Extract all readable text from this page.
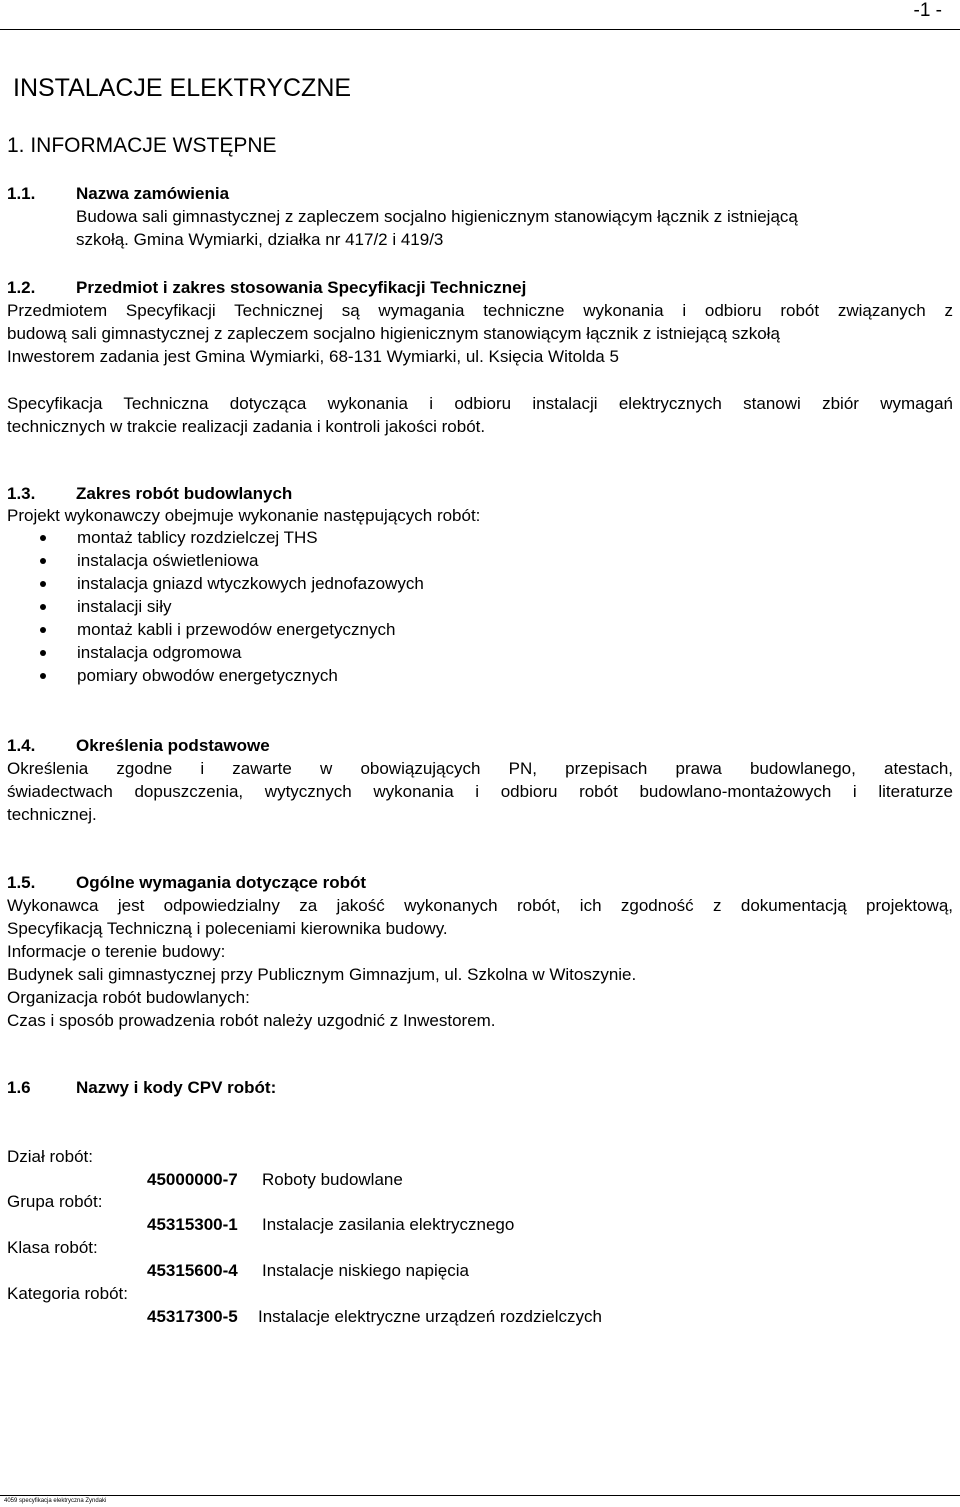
-1 -
INSTALACJE ELEKTRYCZNE
1. INFORMACJE WSTĘPNE
1.1. Nazwa zamówienia
Budowa sali gimnastycznej z zapleczem socjalno higienicznym stanowiącym łącznik z istniejącą
szkołą. Gmina Wymiarki, działka nr 417/2 i 419/3
1.2. Przedmiot i zakres stosowania Specyfikacji Technicznej
Przedmiotem Specyfikacji Technicznej są wymagania techniczne wykonania i odbioru robót związanych z
budową sali gimnastycznej z zapleczem socjalno higienicznym stanowiącym łącznik z istniejącą szkołą
Inwestorem zadania jest Gmina Wymiarki, 68-131 Wymiarki, ul. Księcia Witolda 5
Specyfikacja Techniczna dotycząca wykonania i odbioru instalacji elektrycznych stanowi zbiór wymagań
technicznych w trakcie realizacji zadania i kontroli jakości robót.
1.3. Zakres robót budowlanych
Projekt wykonawczy obejmuje wykonanie następujących robót:
montaż tablicy rozdzielczej THS
instalacja oświetleniowa
instalacja gniazd wtyczkowych jednofazowych
instalacji siły
montaż kabli i przewodów energetycznych
instalacja odgromowa
pomiary obwodów energetycznych
1.4. Określenia podstawowe
Określenia zgodne i zawarte w obowiązujących PN, przepisach prawa budowlanego, atestach,
świadectwach dopuszczenia, wytycznych wykonania i odbioru robót budowlano-montażowych i literaturze
technicznej.
1.5. Ogólne wymagania dotyczące robót
Wykonawca jest odpowiedzialny za jakość wykonanych robót, ich zgodność z dokumentacją projektową,
Specyfikacją Techniczną i poleceniami kierownika budowy.
Informacje o terenie budowy:
Budynek sali gimnastycznej przy Publicznym Gimnazjum, ul. Szkolna w Witoszynie.
Organizacja robót budowlanych:
Czas i sposób prowadzenia robót należy uzgodnić z Inwestorem.
1.6	Nazwy i kody CPV robót:
Dział robót:
45000000-7 Roboty budowlane
Grupa robót:
45315300-1 Instalacje zasilania elektrycznego
Klasa robót:
45315600-4 Instalacje niskiego napięcia
Kategoria robót:
45317300-5 Instalacje elektryczne urządzeń rozdzielczych
4059 specyfikacja elektryczna Zyndaki
